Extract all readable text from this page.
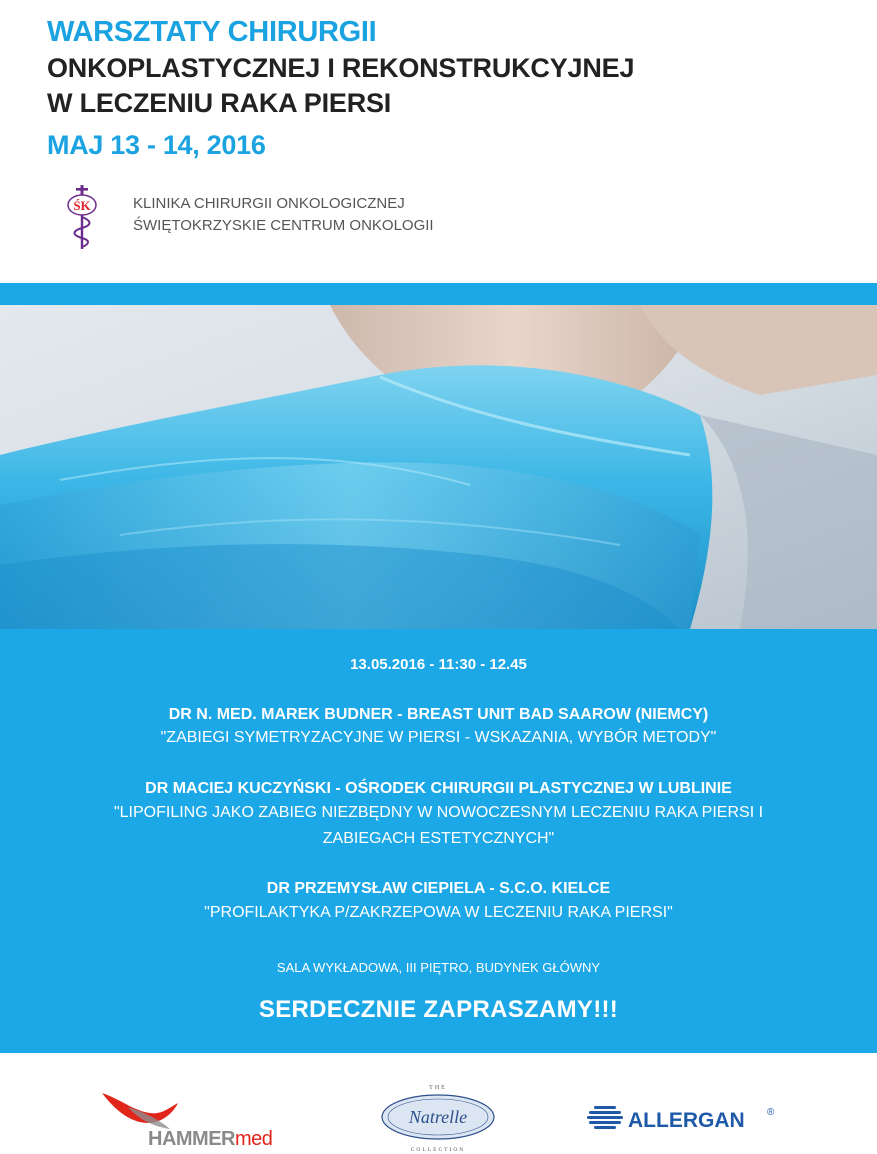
WARSZTATY CHIRURGII
ONKOPLASTYCZNEJ I REKONSTRUKCYJNEJ
W LECZENIU RAKA PIERSI
MAJ 13 - 14, 2016
ŚK	KLINIKA CHIRURGII ONKOLOGICZNEJ
ŚWIĘTOKRZYSKIE CENTRUM ONKOLOGII
13.05.2016 - 11:30 - 12.45
DR N. MED. MAREK BUDNER - BREAST UNIT BAD SAAROW (NIEMCY)
"ZABIEGI SYMETRYZACYJNE W PIERSI - WSKAZANIA, WYBÓR METODY"
DR MACIEJ KUCZYŃSKI - OŚRODEK CHIRURGII PLASTYCZNEJ W LUBLINIE
"LIPOFILING JAKO ZABIEG NIEZBĘDNY W NOWOCZESNYM LECZENIU RAKA PIERSI I
ZABIEGACH ESTETYCZNYCH"
DR PRZEMYSŁAW CIEPIELA - S.C.O. KIELCE
"PROFILAKTYKA P/ZAKRZEPOWA W LECZENIU RAKA PIERSI"
SALA WYKŁADOWA, III PIĘTRO, BUDYNEK GŁÓWNY
SERDECZNIE ZAPRASZAMY!!!
HAMMERmed
THE
Natrelle
COLLECTION
ALLERGAN ®
